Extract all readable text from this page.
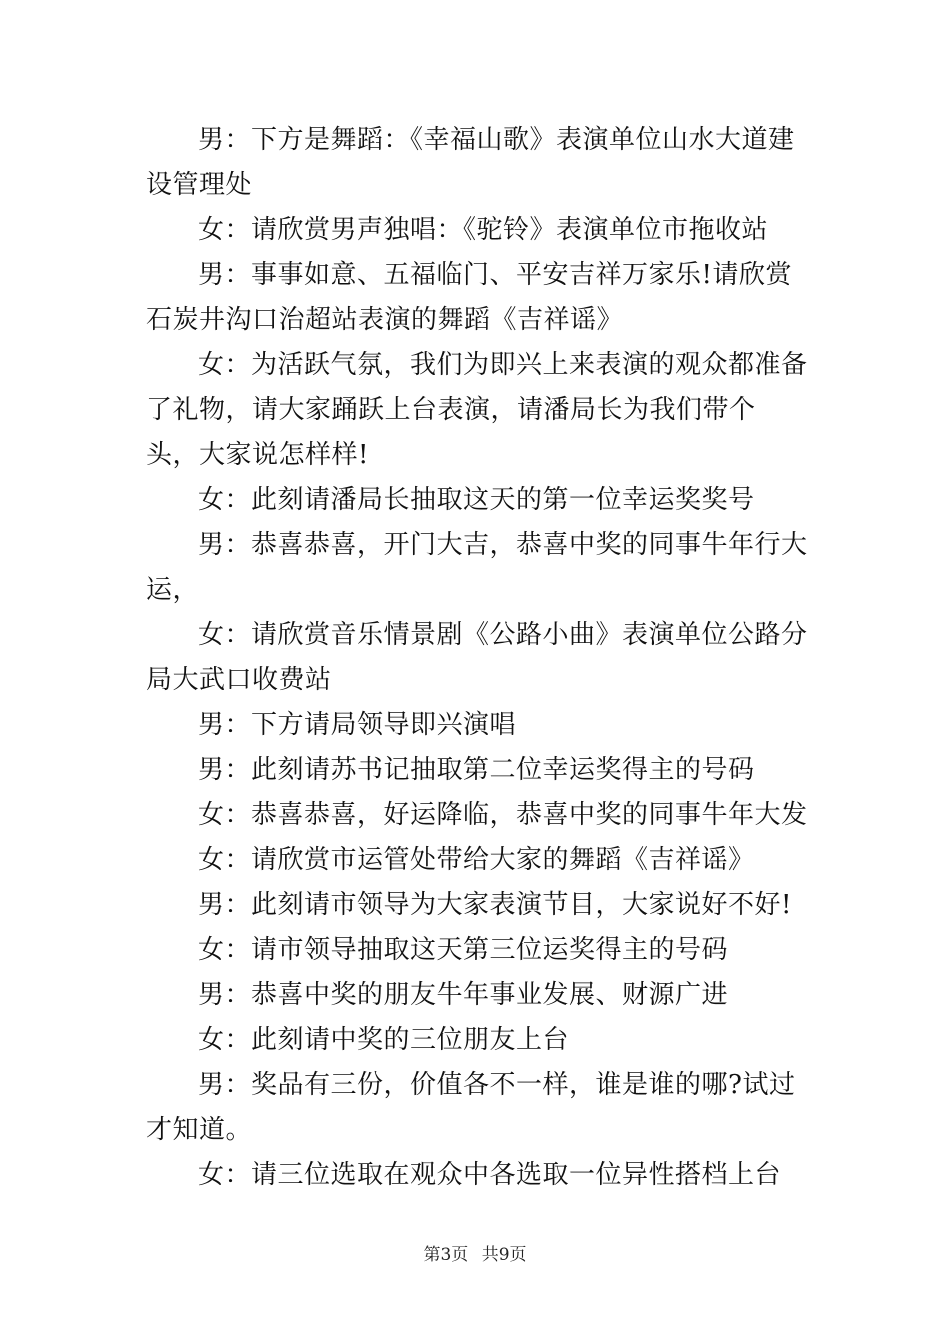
男：下方是舞蹈：《幸福山歌》表演单位山水大道建设管理处

女：请欣赏男声独唱：《驼铃》表演单位市拖收站

男：事事如意、五福临门、平安吉祥万家乐!请欣赏石炭井沟口治超站表演的舞蹈《吉祥谣》

女：为活跃气氛，我们为即兴上来表演的观众都准备了礼物，请大家踊跃上台表演，请潘局长为我们带个头，大家说怎样样!

女：此刻请潘局长抽取这天的第一位幸运奖奖号

男：恭喜恭喜，开门大吉，恭喜中奖的同事牛年行大运，

女：请欣赏音乐情景剧《公路小曲》表演单位公路分局大武口收费站

男：下方请局领导即兴演唱

男：此刻请苏书记抽取第二位幸运奖得主的号码

女：恭喜恭喜，好运降临，恭喜中奖的同事牛年大发

女：请欣赏市运管处带给大家的舞蹈《吉祥谣》

男：此刻请市领导为大家表演节目，大家说好不好!

女：请市领导抽取这天第三位运奖得主的号码

男：恭喜中奖的朋友牛年事业发展、财源广进

女：此刻请中奖的三位朋友上台

男：奖品有三份，价值各不一样，谁是谁的哪?试过才知道。

女：请三位选取在观众中各选取一位异性搭档上台

第3页 共9页
